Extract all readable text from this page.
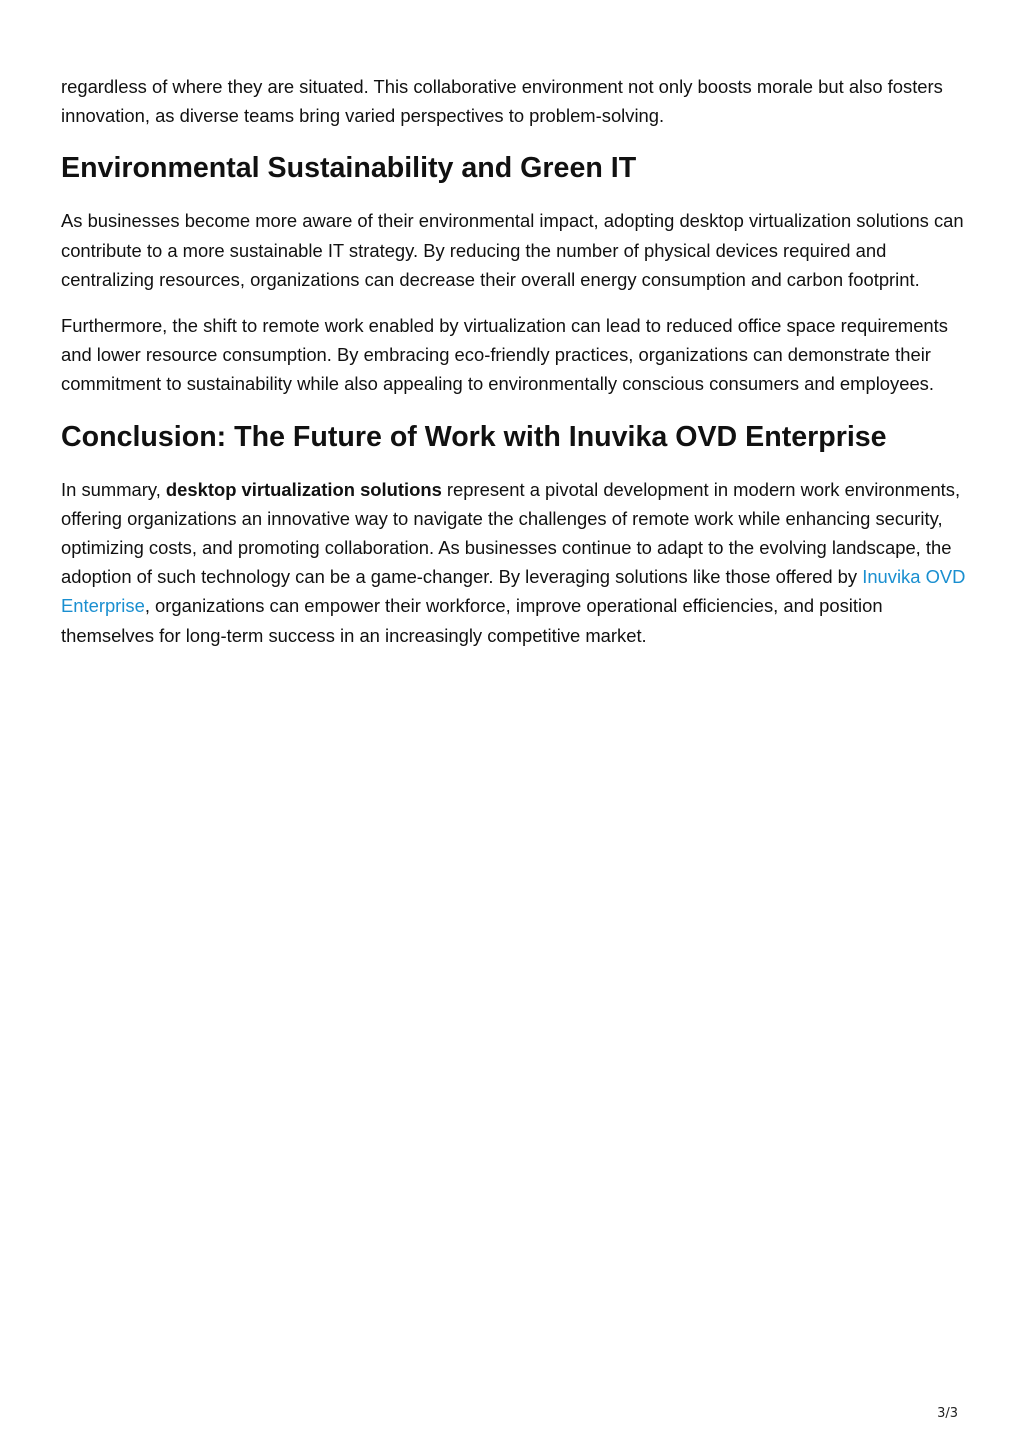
regardless of where they are situated. This collaborative environment not only boosts morale but also fosters innovation, as diverse teams bring varied perspectives to problem-solving.

Environmental Sustainability and Green IT

As businesses become more aware of their environmental impact, adopting desktop virtualization solutions can contribute to a more sustainable IT strategy. By reducing the number of physical devices required and centralizing resources, organizations can decrease their overall energy consumption and carbon footprint.

Furthermore, the shift to remote work enabled by virtualization can lead to reduced office space requirements and lower resource consumption. By embracing eco-friendly practices, organizations can demonstrate their commitment to sustainability while also appealing to environmentally conscious consumers and employees.

Conclusion: The Future of Work with Inuvika OVD Enterprise

In summary, desktop virtualization solutions represent a pivotal development in modern work environments, offering organizations an innovative way to navigate the challenges of remote work while enhancing security, optimizing costs, and promoting collaboration. As businesses continue to adapt to the evolving landscape, the adoption of such technology can be a game-changer. By leveraging solutions like those offered by Inuvika OVD Enterprise, organizations can empower their workforce, improve operational efficiencies, and position themselves for long-term success in an increasingly competitive market.

3/3
